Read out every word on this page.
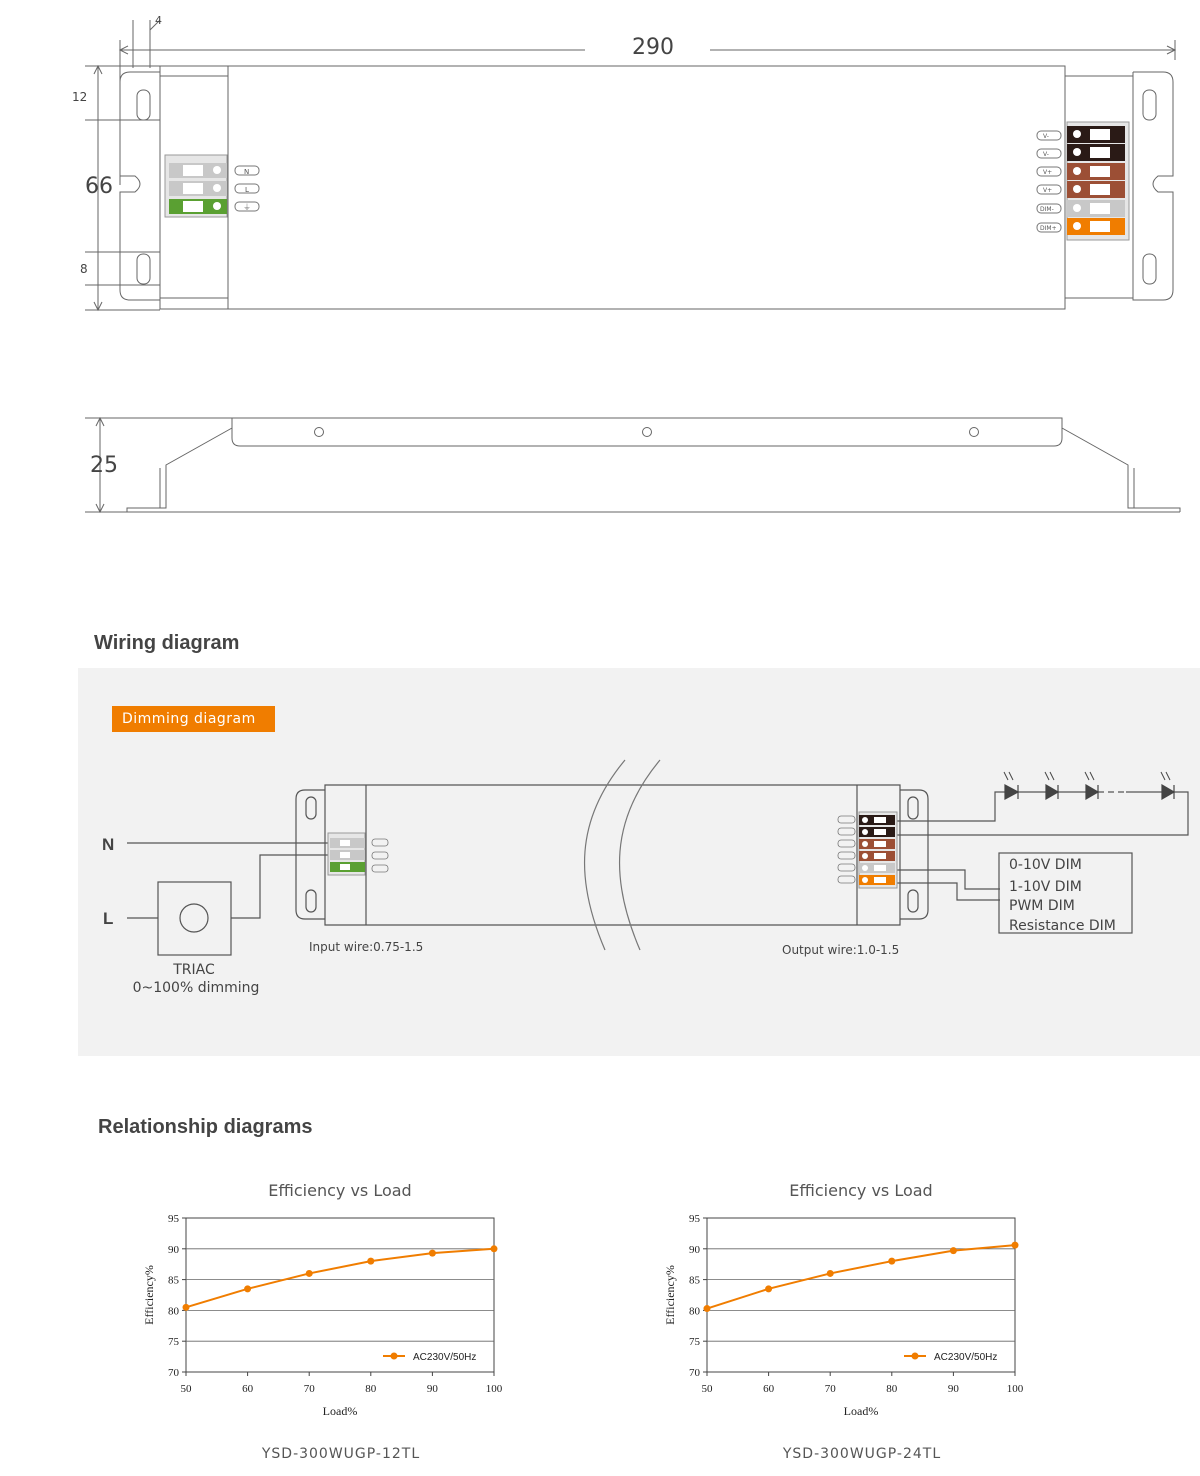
290
4
12
66
8
25
N
L
⏚
V-
V-
V+
V+
DIM-
DIM+
Wiring diagram
Dimming diagram
N
L
TRIAC
0~100% dimming
Input wire:0.75-1.5	Output wire:1.0-1.5
0-10V DIM
1-10V DIM
PWM DIM
Resistance DIM
Relationship diagrams
Efficiency vs Load
70
75
80
85
90
95
50	60	70	80	90	100
Load%
Efficiency%
AC230V/50Hz
YSD-300WUGP-12TL
Efficiency vs Load
70
75
80
85
90
95
50	60	70	80	90	100
Load%
Efficiency%
AC230V/50Hz
YSD-300WUGP-24TL
